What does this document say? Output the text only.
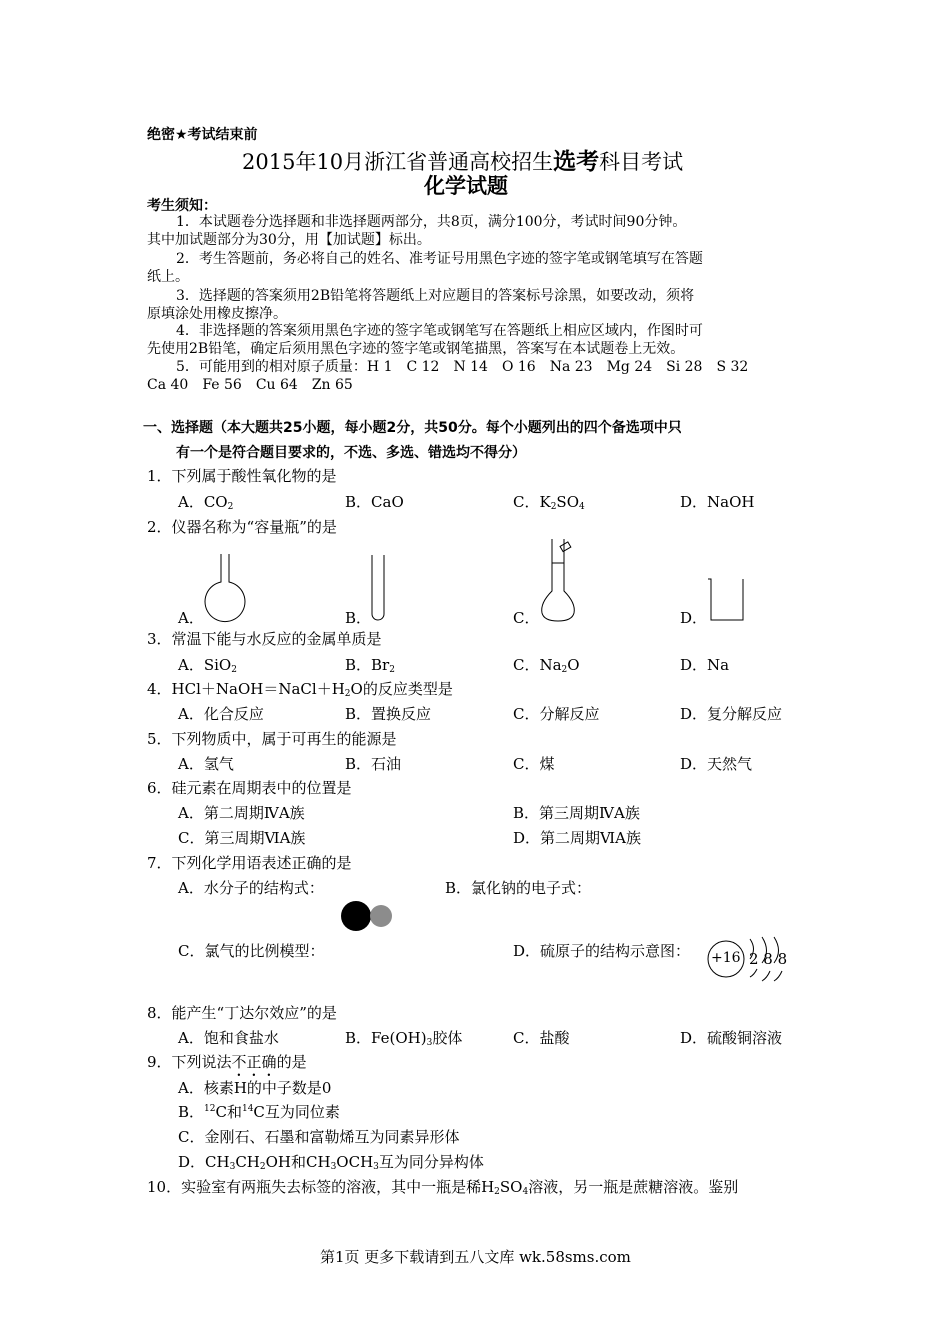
绝密★考试结束前
2015年10月浙江省普通高校招生选考科目考试
化学试题
考生须知：
1．本试题卷分选择题和非选择题两部分，共8页，满分100分，考试时间90分钟。
其中加试题部分为30分，用【加试题】标出。
2．考生答题前，务必将自己的姓名、准考证号用黑色字迹的签字笔或钢笔填写在答题
纸上。
3．选择题的答案须用2B铅笔将答题纸上对应题目的答案标号涂黑，如要改动，须将
原填涂处用橡皮擦净。
4．非选择题的答案须用黑色字迹的签字笔或钢笔写在答题纸上相应区域内，作图时可
先使用2B铅笔，确定后须用黑色字迹的签字笔或钢笔描黑，答案写在本试题卷上无效。
5．可能用到的相对原子质量：H 1　C 12　N 14　O 16　Na 23　Mg 24　Si 28　S 32
Ca 40　Fe 56　Cu 64　Zn 65
一、选择题（本大题共25小题，每小题2分，共50分。每个小题列出的四个备选项中只
有一个是符合题目要求的，不选、多选、错选均不得分）
1．下列属于酸性氧化物的是
A．$CO_2$	B．CaO	C．$K_2SO_4$	D．NaOH
2．仪器名称为“容量瓶”的是
A．	B．	C．	D．
3．常温下能与水反应的金属单质是
A．SiO$_2$	B．$Br_2$	C．$Na_2O$	D．Na
4．$HCl+NaOH=NaCl+H_2O$的反应类型是
A．化合反应	B．置换反应	C．分解反应	D．复分解反应
5．下列物质中，属于可再生的能源是
A．氢气	B．石油	C．煤	D．天然气
6．硅元素在周期表中的位置是
A．第二周期ⅣA族	B．第三周期ⅣA族
C．第三周期ⅥA族	D．第二周期ⅥA族
7．下列化学用语表述正确的是
A．水分子的结构式：	B．氯化钠的电子式：
C．氯气的比例模型：	D．硫原子的结构示意图： +16 2 8 8
8．能产生“丁达尔效应”的是
A．饱和食盐水	B．$Fe(OH)_3$胶体	C．盐酸	D．硫酸铜溶液
9．下列说法不正确的是
A．核素H的中子数是0
B．$^{12}$C和$^{14}$C互为同位素
C．金刚石、石墨和富勒烯互为同素异形体
D．$CH_3CH_2OH$和$CH_3OCH_3$互为同分异构体
10．实验室有两瓶失去标签的溶液，其中一瓶是稀$H_2SO_4$溶液，另一瓶是蔗糖溶液。鉴别
第1页 更多下载请到五八文库 wk.58sms.com
